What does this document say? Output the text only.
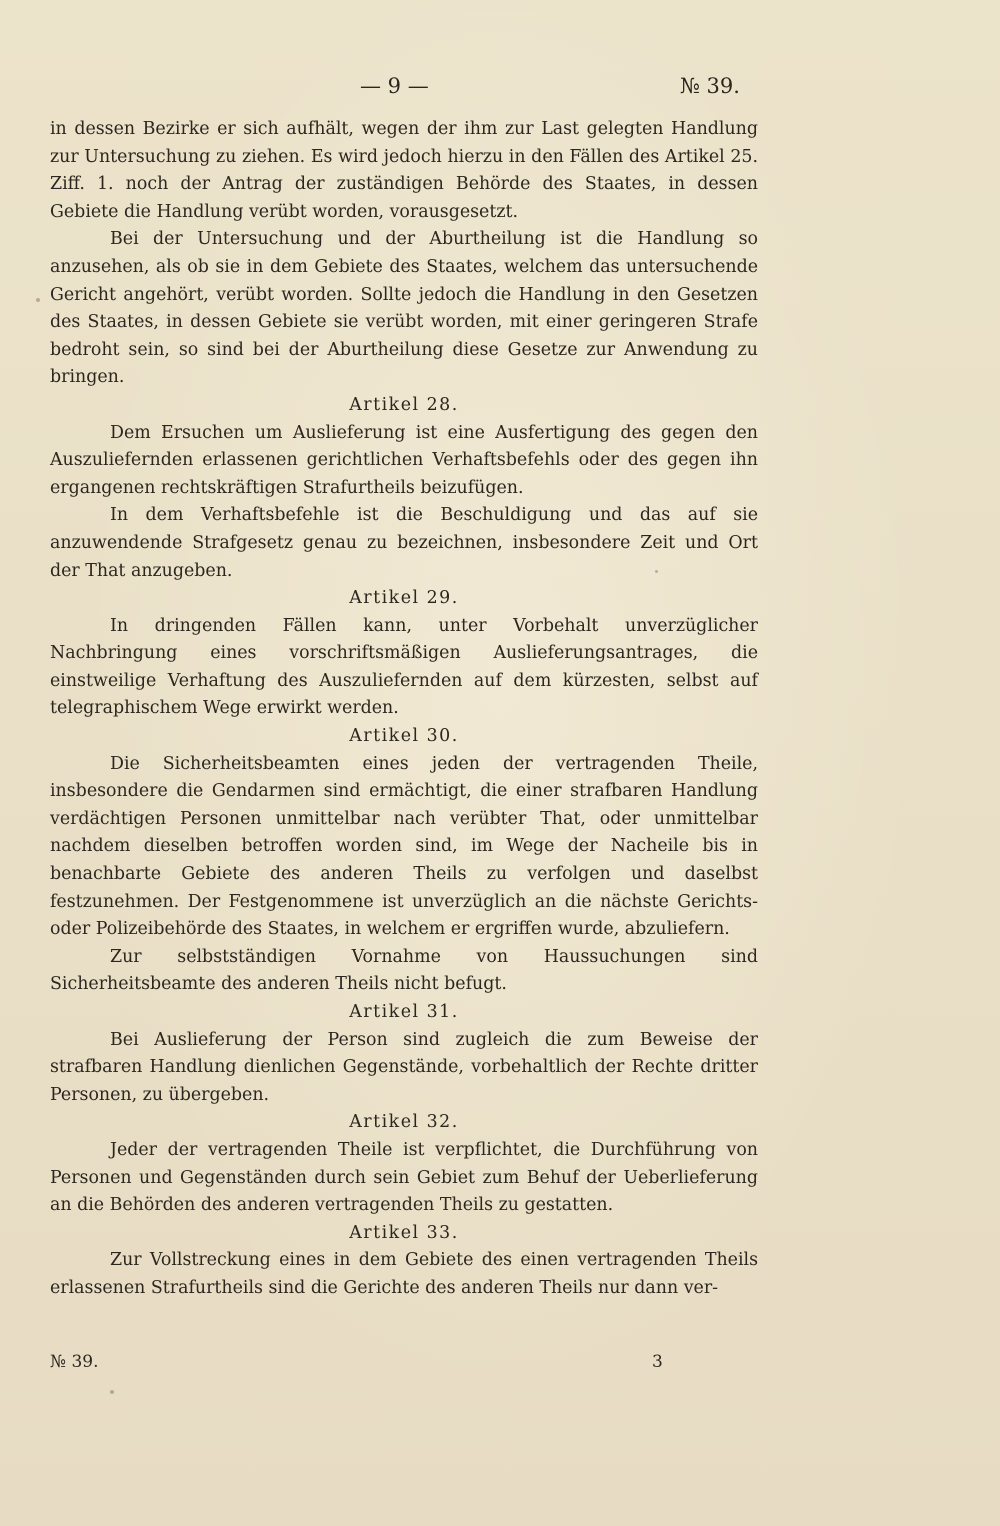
— 9 —	№ 39.

in dessen Bezirke er sich aufhält, wegen der ihm zur Last gelegten Handlung zur Untersuchung zu ziehen. Es wird jedoch hierzu in den Fällen des Artikel 25. Ziff. 1. noch der Antrag der zuständigen Behörde des Staates, in dessen Gebiete die Handlung verübt worden, vorausgesetzt.

Bei der Untersuchung und der Aburtheilung ist die Handlung so anzusehen, als ob sie in dem Gebiete des Staates, welchem das untersuchende Gericht angehört, verübt worden. Sollte jedoch die Handlung in den Gesetzen des Staates, in dessen Gebiete sie verübt worden, mit einer geringeren Strafe bedroht sein, so sind bei der Aburtheilung diese Gesetze zur Anwendung zu bringen.

Artikel 28.

Dem Ersuchen um Auslieferung ist eine Ausfertigung des gegen den Auszuliefernden erlassenen gerichtlichen Verhaftsbefehls oder des gegen ihn ergangenen rechtskräftigen Strafurtheils beizufügen.

In dem Verhaftsbefehle ist die Beschuldigung und das auf sie anzuwendende Strafgesetz genau zu bezeichnen, insbesondere Zeit und Ort der That anzugeben.

Artikel 29.

In dringenden Fällen kann, unter Vorbehalt unverzüglicher Nachbringung eines vorschriftsmäßigen Auslieferungsantrages, die einstweilige Verhaftung des Auszuliefernden auf dem kürzesten, selbst auf telegraphischem Wege erwirkt werden.

Artikel 30.

Die Sicherheitsbeamten eines jeden der vertragenden Theile, insbesondere die Gendarmen sind ermächtigt, die einer strafbaren Handlung verdächtigen Personen unmittelbar nach verübter That, oder unmittelbar nachdem dieselben betroffen worden sind, im Wege der Nacheile bis in benachbarte Gebiete des anderen Theils zu verfolgen und daselbst festzunehmen. Der Festgenommene ist unverzüglich an die nächste Gerichts- oder Polizeibehörde des Staates, in welchem er ergriffen wurde, abzuliefern.

Zur selbstständigen Vornahme von Haussuchungen sind Sicherheitsbeamte des anderen Theils nicht befugt.

Artikel 31.

Bei Auslieferung der Person sind zugleich die zum Beweise der strafbaren Handlung dienlichen Gegenstände, vorbehaltlich der Rechte dritter Personen, zu übergeben.

Artikel 32.

Jeder der vertragenden Theile ist verpflichtet, die Durchführung von Personen und Gegenständen durch sein Gebiet zum Behuf der Ueberlieferung an die Behörden des anderen vertragenden Theils zu gestatten.

Artikel 33.

Zur Vollstreckung eines in dem Gebiete des einen vertragenden Theils erlassenen Strafurtheils sind die Gerichte des anderen Theils nur dann ver-

№ 39.	3
